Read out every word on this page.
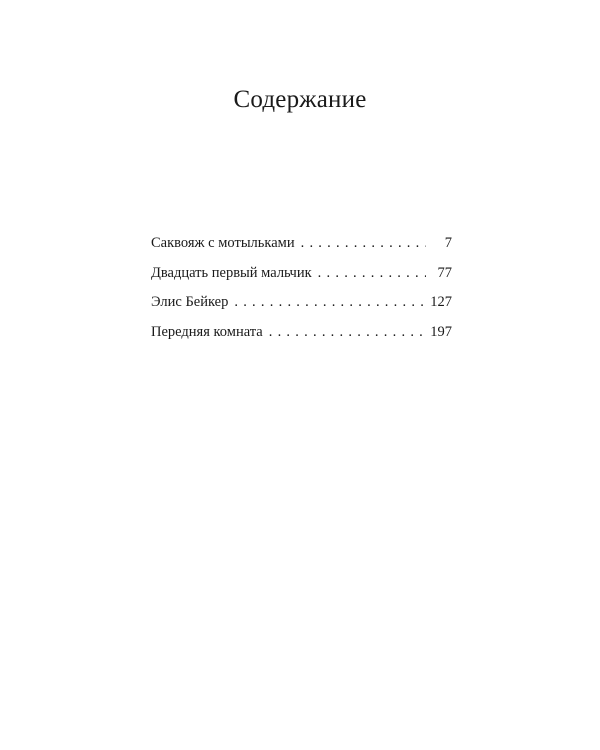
Содержание
Саквояж с мотыльками . . .	7
Двадцать первый мальчик . . .	77
Элис Бейкер . . .	127
Передняя комната . . .	197
